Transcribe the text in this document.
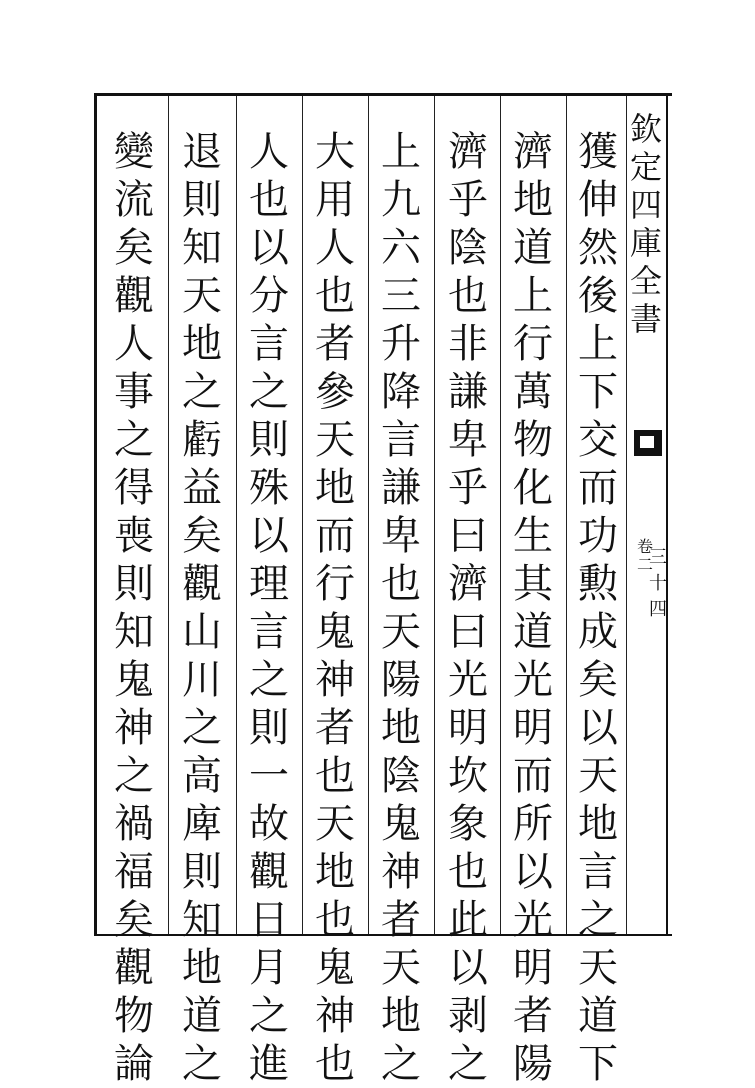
欽
定
四
庫
全
書
卷
二
三
十
四
獲
伸
然
後
上
下
交
而
功
勲
成
矣
以
天
地
言
之
天
道
下
濟
地
道
上
行
萬
物
化
生
其
道
光
明
而
所
以
光
明
者
陽
濟
乎
陰
也
非
謙
卑
乎
曰
濟
曰
光
明
坎
象
也
此
以
剥
之
上
九
六
三
升
降
言
謙
卑
也
天
陽
地
陰
鬼
神
者
天
地
之
大
用
人
也
者
參
天
地
而
行
鬼
神
者
也
天
地
也
鬼
神
也
人
也
以
分
言
之
則
殊
以
理
言
之
則
一
故
觀
日
月
之
進
退
則
知
天
地
之
虧
益
矣
觀
山
川
之
高
庳
則
知
地
道
之
變
流
矣
觀
人
事
之
得
喪
則
知
鬼
神
之
禍
福
矣
觀
物
論
